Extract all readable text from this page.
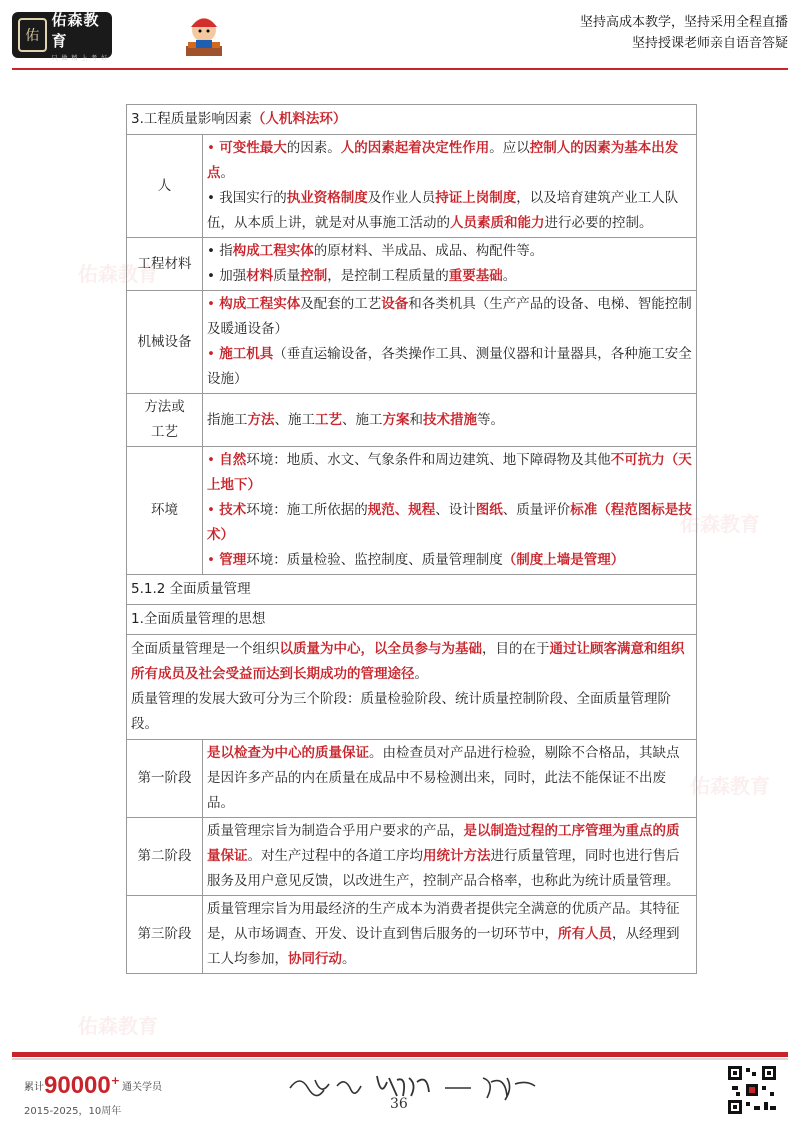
佑
佑森教育
只 做 精 上 考 好
坚持高成本教学，坚持采用全程直播
坚持授课老师亲自语音答疑
佑森教育
佑森教育
佑森教育
佑森教育
3.工程质量影响因素（人机料法环）	
人	• 可变性最大的因素。人的因素起着决定性作用。应以控制人的因素为基本出发点。
• 我国实行的执业资格制度及作业人员持证上岗制度，以及培育建筑产业工人队伍，从本质上讲，就是对从事施工活动的人员素质和能力进行必要的控制。

工程材料	• 指构成工程实体的原材料、半成品、成品、构配件等。
• 加强材料质量控制，是控制工程质量的重要基础。

机械设备	• 构成工程实体及配套的工艺设备和各类机具（生产产品的设备、电梯、智能控制及暖通设备）
• 施工机具（垂直运输设备，各类操作工具、测量仪器和计量器具，各种施工安全设施）

方法或
工艺	指施工方法、施工工艺、施工方案和技术措施等。
环境	• 自然环境：地质、水文、气象条件和周边建筑、地下障碍物及其他不可抗力（天上地下）
• 技术环境：施工所依据的规范、规程、设计图纸、质量评价标准（程范图标是技术）
• 管理环境：质量检验、监控制度、质量管理制度（制度上墙是管理）

5.1.2 全面质量管理	
1.全面质量管理的思想	

全面质量管理是一个组织以质量为中心，以全员参与为基础，目的在于通过让顾客满意和组织所有成员及社会受益而达到长期成功的管理途径。
质量管理的发展大致可分为三个阶段：质量检验阶段、统计质量控制阶段、全面质量管理阶段。	

第一阶段	是以检查为中心的质量保证。由检查员对产品进行检验，剔除不合格品，其缺点是因许多产品的内在质量在成品中不易检测出来，同时，此法不能保证不出废品。
第二阶段	质量管理宗旨为制造合乎用户要求的产品，是以制造过程的工序管理为重点的质量保证。对生产过程中的各道工序均用统计方法进行质量管理，同时也进行售后服务及用户意见反馈，以改进生产，控制产品合格率，也称此为统计质量管理。
第三阶段	质量管理宗旨为用最经济的生产成本为消费者提供完全满意的优质产品。其特征是，从市场调查、开发、设计直到售后服务的一切环节中，所有人员，从经理到工人均参加，协同行动。
累计 90000 +
通关学员
2015-2025，10周年	36
